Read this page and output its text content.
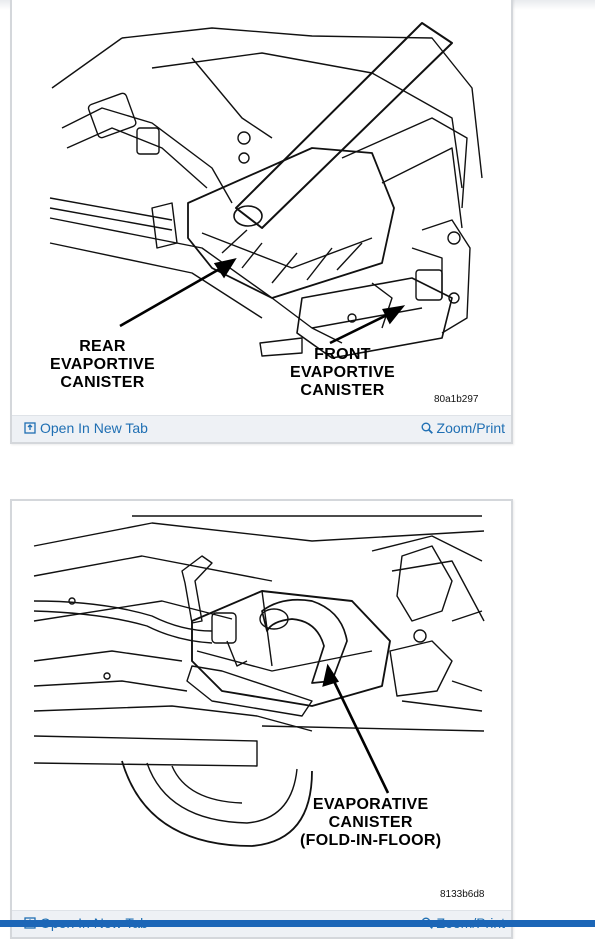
REAR
EVAPORTIVE
CANISTER
FRONT
EVAPORTIVE
CANISTER
80a1b297
Open In New Tab	Zoom/Print
EVAPORATIVE
CANISTER
(FOLD-IN-FLOOR)
8133b6d8
